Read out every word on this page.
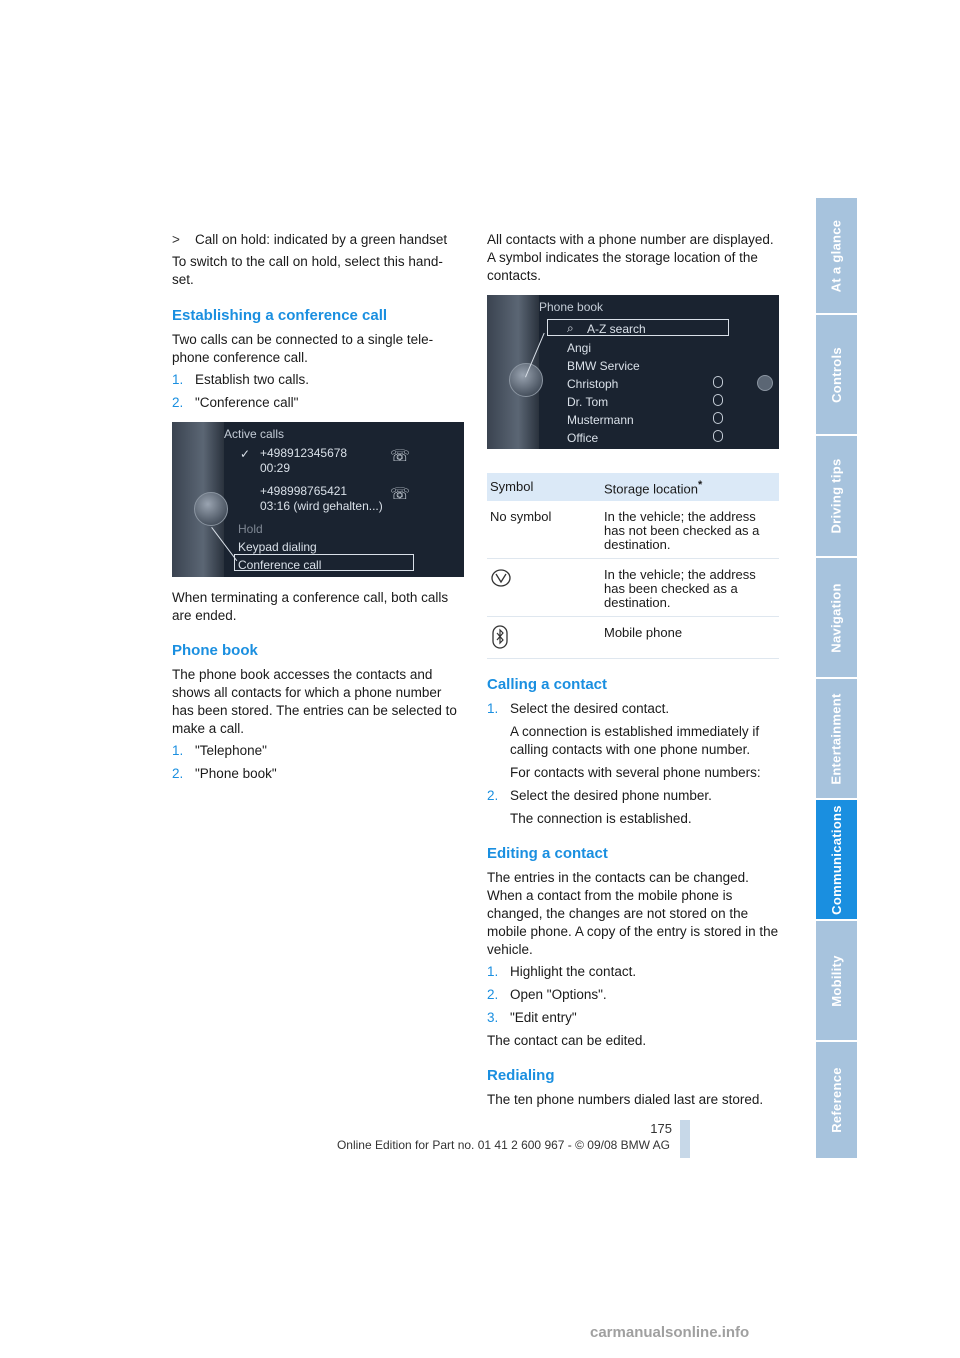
>	Call on hold: indicated by a green handset

To switch to the call on hold, select this hand-set.

Establishing a conference call

Two calls can be connected to a single tele-phone conference call.

1. Establish two calls.
2. "Conference call"
Active calls
✓ +498912345678
00:29
☏
+498998765421
03:16 (wird gehalten...)
☏
Hold
Keypad dialing
Conference call

When terminating a conference call, both calls are ended.

Phone book

The phone book accesses the contacts and shows all contacts for which a phone number has been stored. The entries can be selected to make a call.

1. "Telephone"
2. "Phone book"

All contacts with a phone number are displayed. A symbol indicates the storage location of the contacts.

Phone book
⌕ A-Z search
Angi
BMW Service
Christoph
Dr. Tom
Mustermann
Office
Symbol	Storage location*
No symbol	In the vehicle; the address has not been checked as a destination.
	In the vehicle; the address has been checked as a destination.
	Mobile phone
Calling a contact
1. Select the desired contact.

A connection is established immediately if calling contacts with one phone number.

For contacts with several phone numbers:

2. Select the desired phone number.

The connection is established.

Editing a contact

The entries in the contacts can be changed. When a contact from the mobile phone is changed, the changes are not stored on the mobile phone. A copy of the entry is stored in the vehicle.

1. Highlight the contact.
2. Open "Options".
3. "Edit entry"

The contact can be edited.

Redialing

The ten phone numbers dialed last are stored.

At a glance
Controls
Driving tips
Navigation
Entertainment
Communications
Mobility
Reference
175
Online Edition for Part no. 01 41 2 600 967 - © 09/08 BMW AG
carmanualsonline.info
